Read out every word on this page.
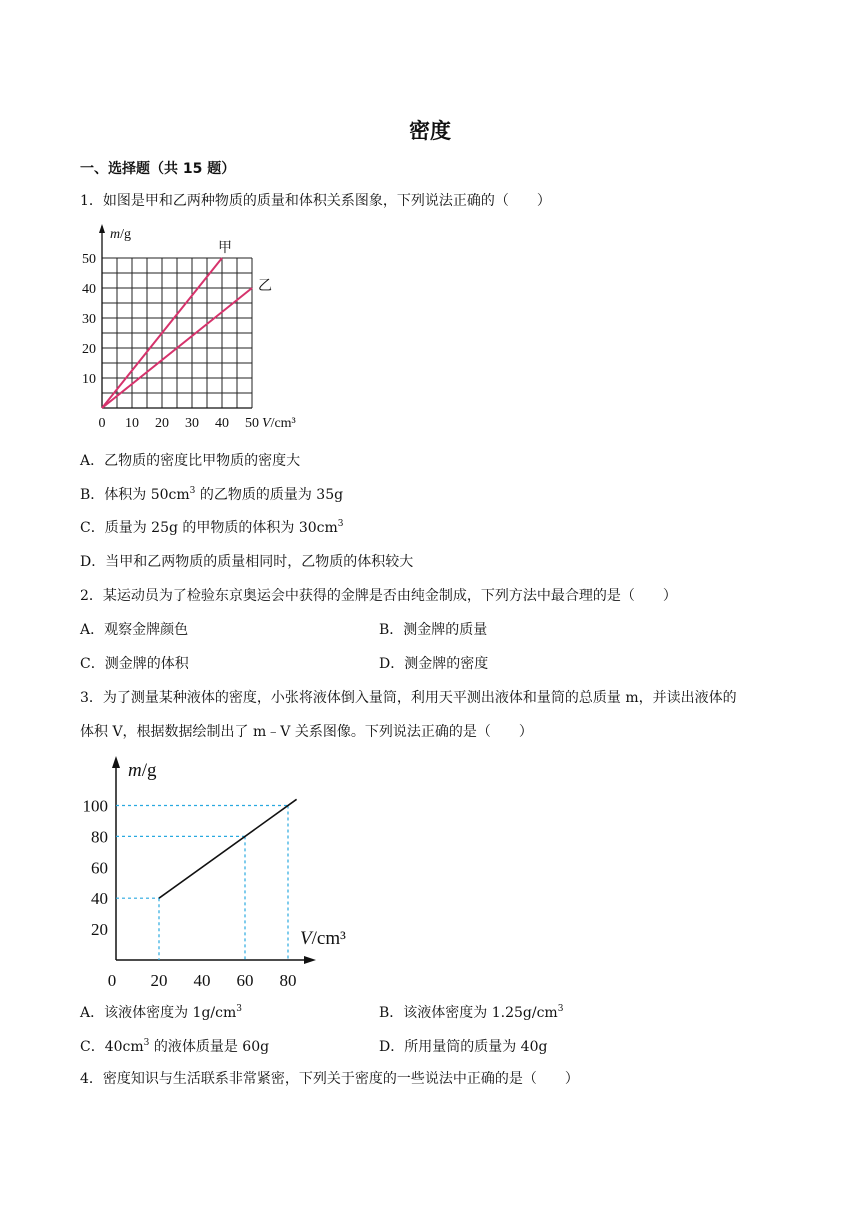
密度
一、选择题（共 15 题）
1．如图是甲和乙两种物质的质量和体积关系图象，下列说法正确的（　　）
0 10 20 30 40 50
10
20
30
40
50
m/g
V/cm³
甲
乙
A．乙物质的密度比甲物质的密度大
B．体积为 $50cm^3$ 的乙物质的质量为 35g
C．质量为 25g 的甲物质的体积为 $30cm^3$
D．当甲和乙两物质的质量相同时，乙物质的体积较大
2．某运动员为了检验东京奥运会中获得的金牌是否由纯金制成，下列方法中最合理的是（　　）
A．观察金牌颜色	B．测金牌的质量
C．测金牌的体积	D．测金牌的密度
3．为了测量某种液体的密度，小张将液体倒入量筒，利用天平测出液体和量筒的总质量 m，并读出液体的
体积 V，根据数据绘制出了 m﹣V 关系图像。下列说法正确的是（　　）
0 20 40 60 80
20
40
60
80
100
m/g
V/cm³
A．该液体密度为 $1g/cm^3$	B．该液体密度为 $1.25g/cm^3$
C．$40cm^3$ 的液体质量是 60g	D．所用量筒的质量为 40g
4．密度知识与生活联系非常紧密，下列关于密度的一些说法中正确的是（　　）
